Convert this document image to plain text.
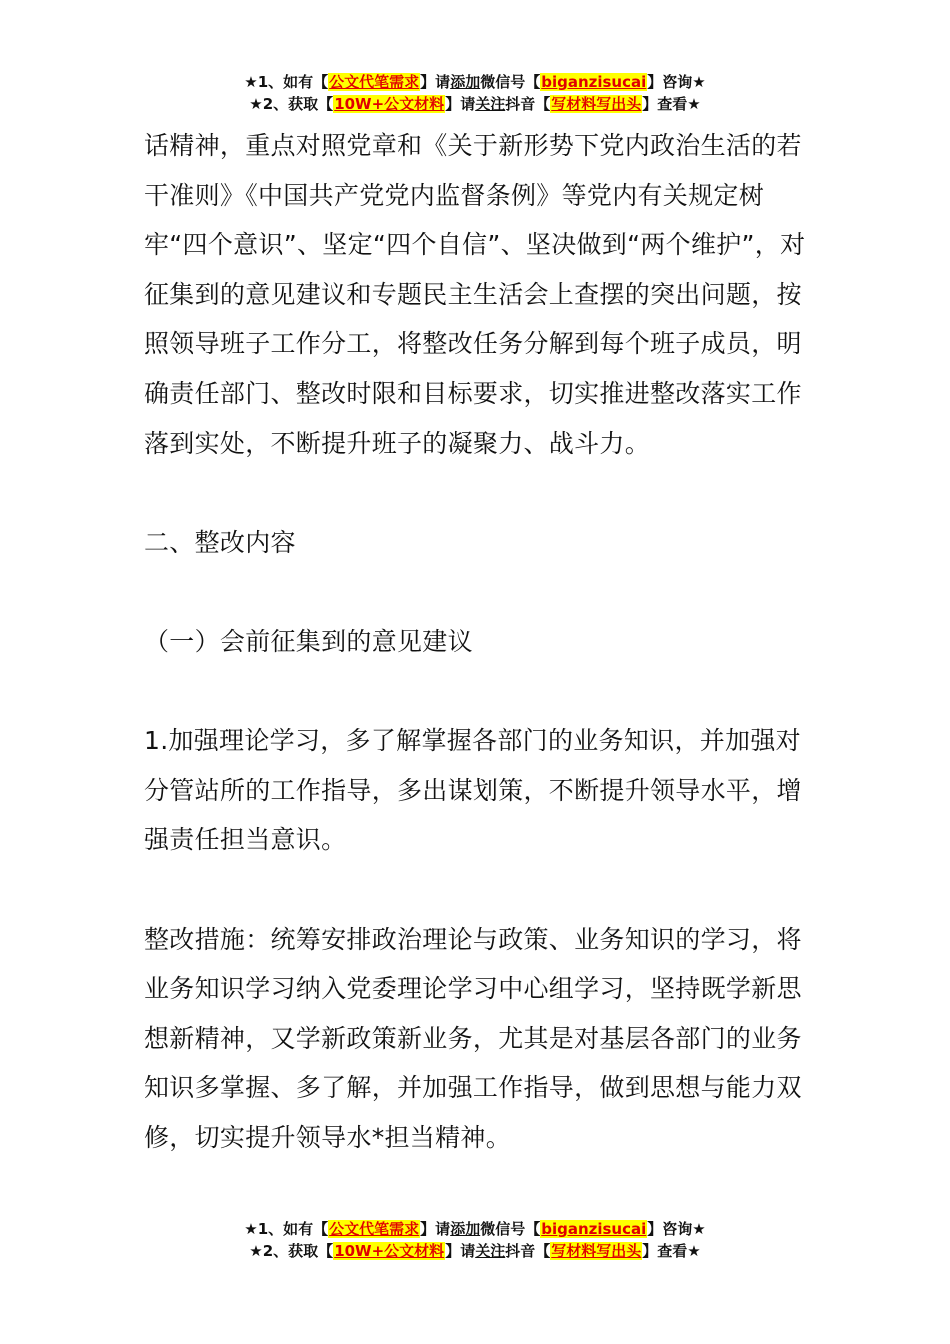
★1、如有【公文代笔需求】请添加微信号【biganzisucai】咨询★
★2、获取【10W+公文材料】请关注抖音【写材料写出头】查看★

话精神，重点对照党章和《关于新形势下党内政治生活的若干准则》《中国共产党党内监督条例》等党内有关规定树牢“四个意识”、坚定“四个自信”、坚决做到“两个维护”，对征集到的意见建议和专题民主生活会上查摆的突出问题，按照领导班子工作分工，将整改任务分解到每个班子成员，明确责任部门、整改时限和目标要求，切实推进整改落实工作落到实处，不断提升班子的凝聚力、战斗力。

二、整改内容

（一）会前征集到的意见建议

1.加强理论学习，多了解掌握各部门的业务知识，并加强对分管站所的工作指导，多出谋划策，不断提升领导水平，增强责任担当意识。

整改措施：统筹安排政治理论与政策、业务知识的学习，将业务知识学习纳入党委理论学习中心组学习，坚持既学新思想新精神，又学新政策新业务，尤其是对基层各部门的业务知识多掌握、多了解，并加强工作指导，做到思想与能力双修，切实提升领导水*担当精神。

★1、如有【公文代笔需求】请添加微信号【biganzisucai】咨询★
★2、获取【10W+公文材料】请关注抖音【写材料写出头】查看★
